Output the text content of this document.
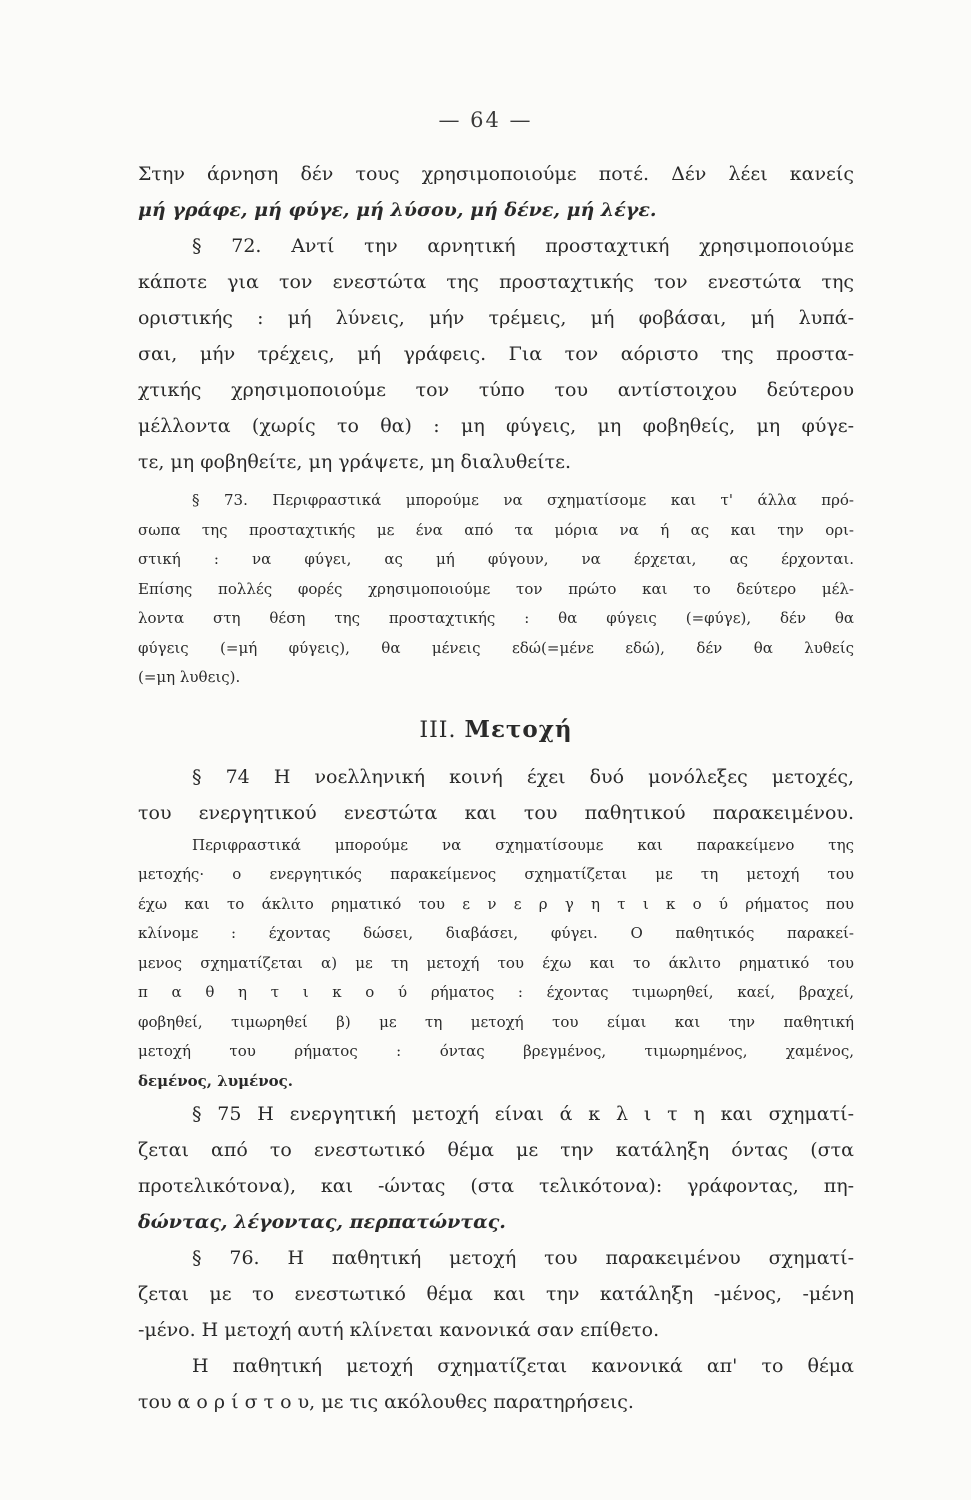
— 64 —
Στην άρνηση δέν τους χρησιμοποιούμε ποτέ. Δέν λέει κανείς
μή γράφε, μή φύγε, μή λύσου, μή δένε, μή λέγε.
§ 72. Αντί την αρνητική προσταχτική χρησιμοποιούμε
κάποτε για τον ενεστώτα της προσταχτικής τον ενεστώτα της
οριστικής : μή λύνεις, μήν τρέμεις, μή φοβάσαι, μή λυπά-
σαι, μήν τρέχεις, μή γράφεις. Για τον αόριστο της προστα-
χτικής χρησιμοποιούμε τον τύπο του αντίστοιχου δεύτερου
μέλλοντα (χωρίς το θα) : μη φύγεις, μη φοβηθείς, μη φύγε-
τε, μη φοβηθείτε, μη γράψετε, μη διαλυθείτε.
§ 73. Περιφραστικά μπορούμε να σχηματίσομε και τ' άλλα πρό-
σωπα της προσταχτικής με ένα από τα μόρια να ή ας και την ορι-
στική : να φύγει, ας μή φύγουν, να έρχεται, ας έρχονται.
Επίσης πολλές φορές χρησιμοποιούμε τον πρώτο και το δεύτερο μέλ-
λοντα στη θέση της προσταχτικής : θα φύγεις (=φύγε), δέν θα
φύγεις (=μή φύγεις), θα μένεις εδώ(=μένε εδώ), δέν θα λυθείς
(=μη λυθεις).
III. Μετοχή
§ 74 Η νοελληνική κοινή έχει δυό μονόλεξες μετοχές,
του ενεργητικού ενεστώτα και του παθητικού παρακειμένου.
Περιφραστικά μπορούμε να σχηματίσουμε και παρακείμενο της
μετοχής· ο ενεργητικός παρακείμενος σχηματίζεται με τη μετοχή του
έχω και το άκλιτο ρηματικό του ε ν ε ρ γ η τ ι κ ο ύ ρήματος που
κλίνομε : έχοντας δώσει, διαβάσει, φύγει. Ο παθητικός παρακεί-
μενος σχηματίζεται α) με τη μετοχή του έχω και το άκλιτο ρηματικό του
π α θ η τ ι κ ο ύ ρήματος : έχοντας τιμωρηθεί, καεί, βραχεί,
φοβηθεί, τιμωρηθεί β) με τη μετοχή του είμαι και την παθητική
μετοχή του ρήματος : όντας βρεγμένος, τιμωρημένος, χαμένος,
δεμένος, λυμένος.
§ 75 Η ενεργητική μετοχή είναι ά κ λ ι τ η και σχηματί-
ζεται από το ενεστωτικό θέμα με την κατάληξη όντας (στα
προτελικότονα), και -ώντας (στα τελικότονα): γράφοντας, πη-
δώντας, λέγοντας, περπατώντας.
§ 76. Η παθητική μετοχή του παρακειμένου σχηματί-
ζεται με το ενεστωτικό θέμα και την κατάληξη -μένος, -μένη
-μένο. Η μετοχή αυτή κλίνεται κανονικά σαν επίθετο.
Η παθητική μετοχή σχηματίζεται κανονικά απ' το θέμα
του α ο ρ ί σ τ ο υ, με τις ακόλουθες παρατηρήσεις.
